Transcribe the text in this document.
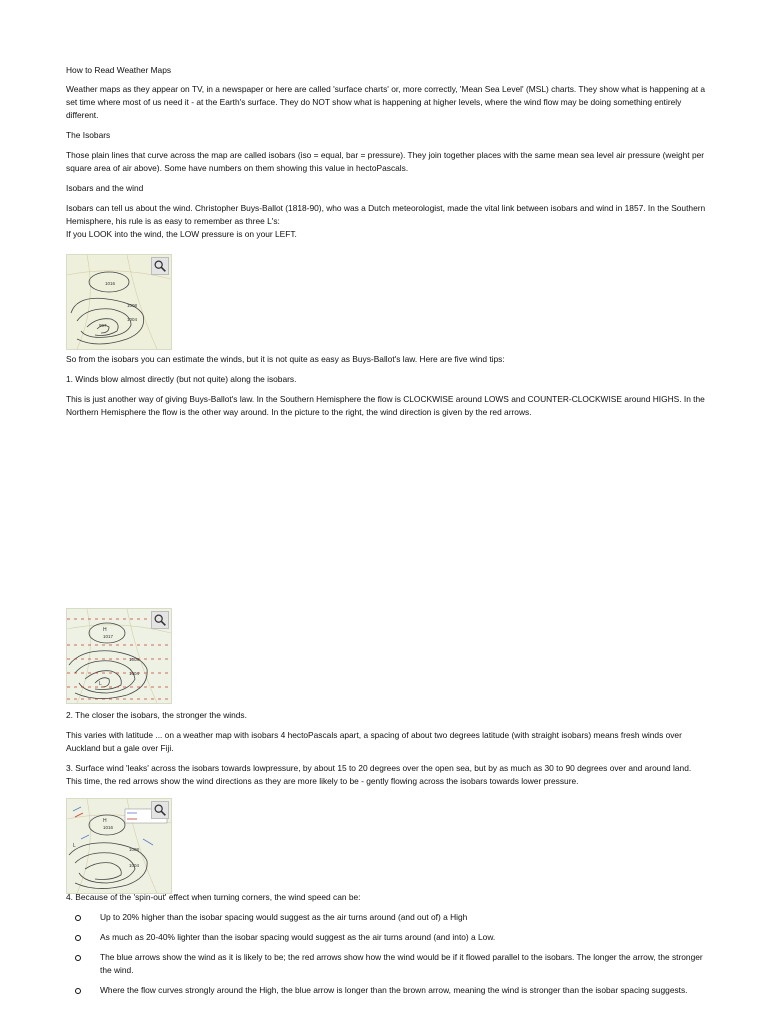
How to Read Weather Maps

Weather maps as they appear on TV, in a newspaper or here are called 'surface charts' or, more correctly, 'Mean Sea Level' (MSL) charts. They show what is happening at a set time where most of us need it - at the Earth's surface. They do NOT show what is happening at higher levels, where the wind flow may be doing something entirely different.

The Isobars

Those plain lines that curve across the map are called isobars (iso = equal, bar = pressure). They join together places with the same mean sea level air pressure (weight per square area of air above). Some have numbers on them showing this value in hectoPascals.

Isobars and the wind

Isobars can tell us about the wind. Christopher Buys-Ballot (1818-90), who was a Dutch meteorologist, made the vital link between isobars and wind in 1857. In the Southern Hemisphere, his rule is as easy to remember as three L's:

If you LOOK into the wind, the LOW pressure is on your LEFT.

1016
1008
1004
997

So from the isobars you can estimate the winds, but it is not quite as easy as Buys-Ballot's law. Here are five wind tips:

1. Winds blow almost directly (but not quite) along the isobars.

This is just another way of giving Buys-Ballot's law. In the Southern Hemisphere the flow is CLOCKWISE around LOWS and COUNTER-CLOCKWISE around HIGHS. In the Northern Hemisphere the flow is the other way around. In the picture to the right, the wind direction is given by the red arrows.

H
1017
1008
1004
L

2. The closer the isobars, the stronger the winds.

This varies with latitude ... on a weather map with isobars 4 hectoPascals apart, a spacing of about two degrees latitude (with straight isobars) means fresh winds over Auckland but a gale over Fiji.

3. Surface wind 'leaks' across the isobars towards lowpressure, by about 15 to 20 degrees over the open sea, but by as much as 30 to 90 degrees over and around land. This time, the red arrows show the wind directions as they are more likely to be - gently flowing across the isobars towards lower pressure.

H
1016
L
1008
1004

4. Because of the 'spin-out' effect when turning corners, the wind speed can be:

Up to 20% higher than the isobar spacing would suggest as the air turns around (and out of) a High
As much as 20-40% lighter than the isobar spacing would suggest as the air turns around (and into) a Low.
The blue arrows show the wind as it is likely to be; the red arrows show how the wind would be if it flowed parallel to the isobars. The longer the arrow, the stronger the wind.
Where the flow curves strongly around the High, the blue arrow is longer than the brown arrow, meaning the wind is stronger than the isobar spacing suggests.
